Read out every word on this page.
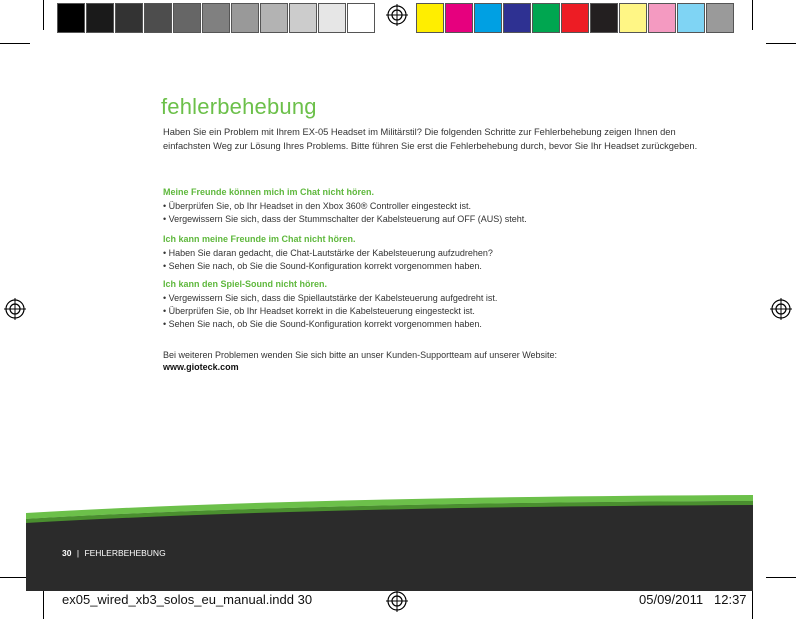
fehlerbehebung
Haben Sie ein Problem mit Ihrem EX-05 Headset im Militärstil? Die folgenden Schritte zur Fehlerbehebung zeigen Ihnen den einfachsten Weg zur Lösung Ihres Problems. Bitte führen Sie erst die Fehlerbehebung durch, bevor Sie Ihr Headset zurückgeben.
Meine Freunde können mich im Chat nicht hören.
• Überprüfen Sie, ob Ihr Headset in den Xbox 360® Controller eingesteckt ist.
• Vergewissern Sie sich, dass der Stummschalter der Kabelsteuerung auf OFF (AUS) steht.
Ich kann meine Freunde im Chat nicht hören.
• Haben Sie daran gedacht, die Chat-Lautstärke der Kabelsteuerung aufzudrehen?
• Sehen Sie nach, ob Sie die Sound-Konfiguration korrekt vorgenommen haben.
Ich kann den Spiel-Sound nicht hören.
• Vergewissern Sie sich, dass die Spiellautstärke der Kabelsteuerung aufgedreht ist.
• Überprüfen Sie, ob Ihr Headset korrekt in die Kabelsteuerung eingesteckt ist.
• Sehen Sie nach, ob Sie die Sound-Konfiguration korrekt vorgenommen haben.
Bei weiteren Problemen wenden Sie sich bitte an unser Kunden-Supportteam auf unserer Website:
www.gioteck.com
30 | FEHLERBEHEBUNG
ex05_wired_xb3_solos_eu_manual.indd 30	05/09/2011 12:37
